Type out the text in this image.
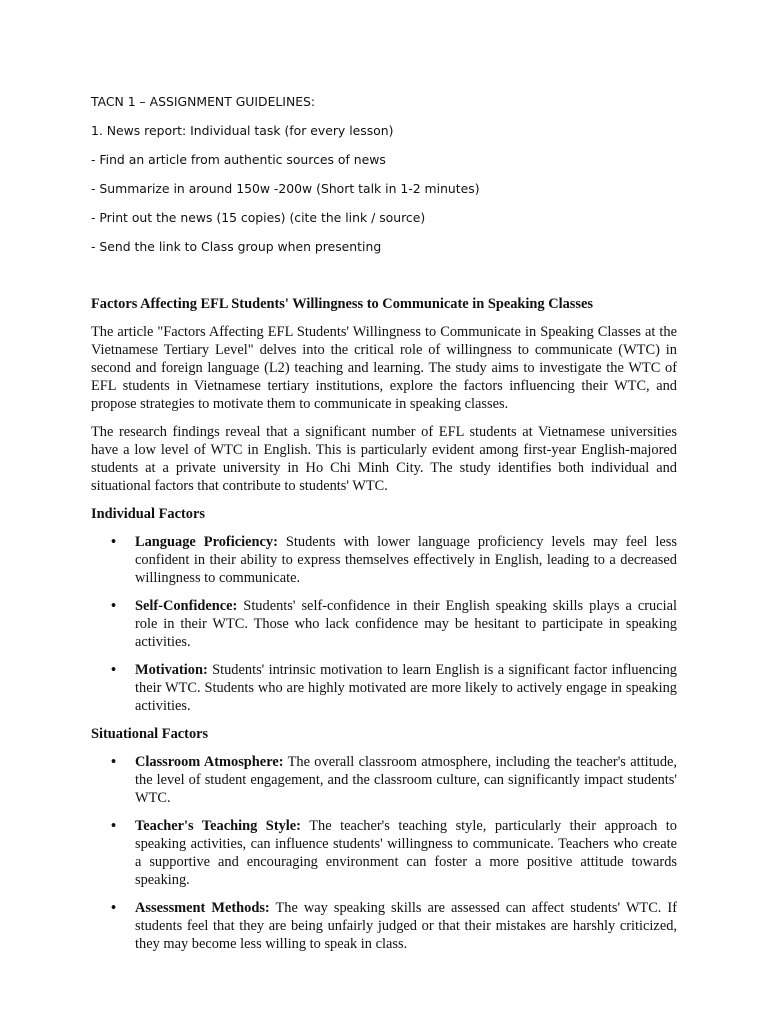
TACN 1 – ASSIGNMENT GUIDELINES:

1. News report: Individual task (for every lesson)

- Find an article from authentic sources of news

- Summarize in around 150w -200w (Short talk in 1-2 minutes)

- Print out the news (15 copies) (cite the link / source)

- Send the link to Class group when presenting

Factors Affecting EFL Students' Willingness to Communicate in Speaking Classes

The article "Factors Affecting EFL Students' Willingness to Communicate in Speaking Classes at the Vietnamese Tertiary Level" delves into the critical role of willingness to communicate (WTC) in second and foreign language (L2) teaching and learning. The study aims to investigate the WTC of EFL students in Vietnamese tertiary institutions, explore the factors influencing their WTC, and propose strategies to motivate them to communicate in speaking classes.

The research findings reveal that a significant number of EFL students at Vietnamese universities have a low level of WTC in English. This is particularly evident among first-year English-majored students at a private university in Ho Chi Minh City. The study identifies both individual and situational factors that contribute to students' WTC.

Individual Factors
• Language Proficiency: Students with lower language proficiency levels may feel less confident in their ability to express themselves effectively in English, leading to a decreased willingness to communicate.
• Self-Confidence: Students' self-confidence in their English speaking skills plays a crucial role in their WTC. Those who lack confidence may be hesitant to participate in speaking activities.
• Motivation: Students' intrinsic motivation to learn English is a significant factor influencing their WTC. Students who are highly motivated are more likely to actively engage in speaking activities.
Situational Factors
• Classroom Atmosphere: The overall classroom atmosphere, including the teacher's attitude, the level of student engagement, and the classroom culture, can significantly impact students' WTC.
• Teacher's Teaching Style: The teacher's teaching style, particularly their approach to speaking activities, can influence students' willingness to communicate. Teachers who create a supportive and encouraging environment can foster a more positive attitude towards speaking.
• Assessment Methods: The way speaking skills are assessed can affect students' WTC. If students feel that they are being unfairly judged or that their mistakes are harshly criticized, they may become less willing to speak in class.
